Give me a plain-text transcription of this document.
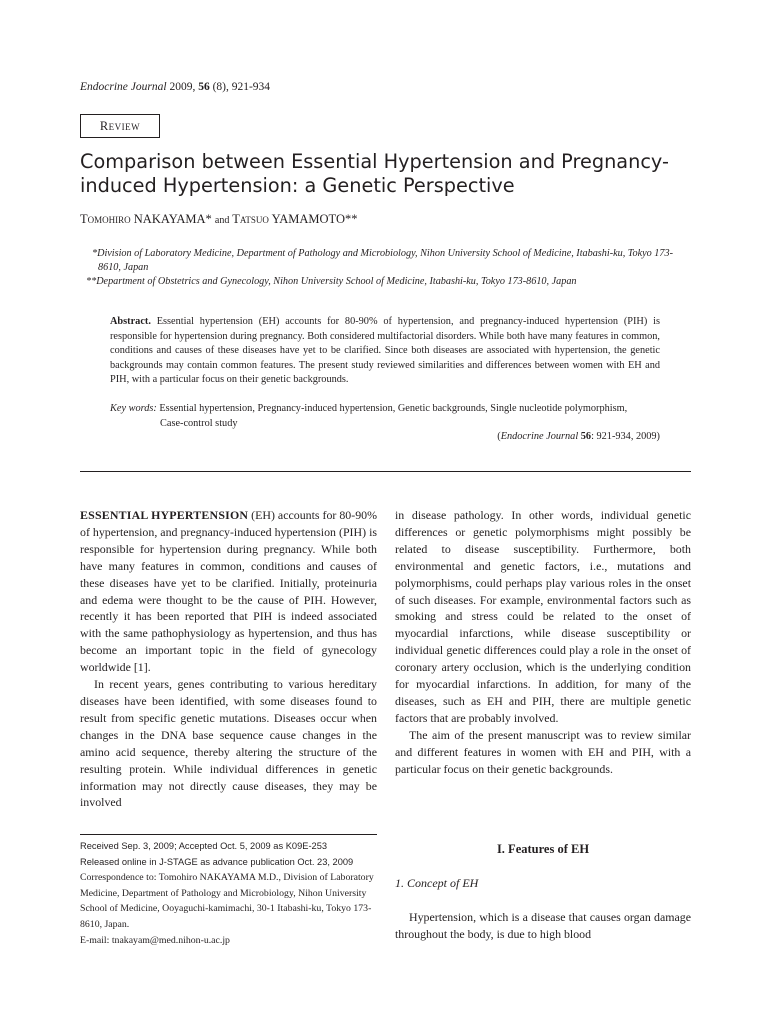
Endocrine Journal 2009, 56 (8), 921-934
Review
Comparison between Essential Hypertension and Pregnancy-induced Hypertension: a Genetic Perspective
Tomohiro NAKAYAMA* and Tatsuo YAMAMOTO**
*Division of Laboratory Medicine, Department of Pathology and Microbiology, Nihon University School of Medicine, Itabashi-ku, Tokyo 173-8610, Japan
**Department of Obstetrics and Gynecology, Nihon University School of Medicine, Itabashi-ku, Tokyo 173-8610, Japan
Abstract. Essential hypertension (EH) accounts for 80-90% of hypertension, and pregnancy-induced hypertension (PIH) is responsible for hypertension during pregnancy. Both considered multifactorial disorders. While both have many features in common, conditions and causes of these diseases have yet to be clarified. Since both diseases are associated with hypertension, the genetic backgrounds may contain common features. The present study reviewed similarities and differences between women with EH and PIH, with a particular focus on their genetic backgrounds.
Key words: Essential hypertension, Pregnancy-induced hypertension, Genetic backgrounds, Single nucleotide polymorphism,
Case-control study
(Endocrine Journal 56: 921-934, 2009)

ESSENTIAL HYPERTENSION (EH) accounts for 80-90% of hypertension, and pregnancy-induced hypertension (PIH) is responsible for hypertension during pregnancy. While both have many features in common, conditions and causes of these diseases have yet to be clarified. Initially, proteinuria and edema were thought to be the cause of PIH. However, recently it has been reported that PIH is indeed associated with the same pathophysiology as hypertension, and thus has become an important topic in the field of gynecology worldwide [1].

In recent years, genes contributing to various hereditary diseases have been identified, with some diseases found to result from specific genetic mutations. Diseases occur when changes in the DNA base sequence cause changes in the amino acid sequence, thereby altering the structure of the resulting protein. While individual differences in genetic information may not directly cause diseases, they may be involved

in disease pathology. In other words, individual genetic differences or genetic polymorphisms might possibly be related to disease susceptibility. Furthermore, both environmental and genetic factors, i.e., mutations and polymorphisms, could perhaps play various roles in the onset of such diseases. For example, environmental factors such as smoking and stress could be related to the onset of myocardial infarctions, while disease susceptibility or individual genetic differences could play a role in the onset of coronary artery occlusion, which is the underlying condition for myocardial infarctions. In addition, for many of the diseases, such as EH and PIH, there are multiple genetic factors that are probably involved.

The aim of the present manuscript was to review similar and different features in women with EH and PIH, with a particular focus on their genetic backgrounds.

I. Features of EH
1. Concept of EH

Hypertension, which is a disease that causes organ damage throughout the body, is due to high blood

Received Sep. 3, 2009; Accepted Oct. 5, 2009 as K09E-253
Released online in J-STAGE as advance publication Oct. 23, 2009
Correspondence to: Tomohiro NAKAYAMA M.D., Division of Laboratory Medicine, Department of Pathology and Microbiology, Nihon University School of Medicine, Ooyaguchi-kamimachi, 30-1 Itabashi-ku, Tokyo 173-8610, Japan.
E-mail: tnakayam@med.nihon-u.ac.jp
